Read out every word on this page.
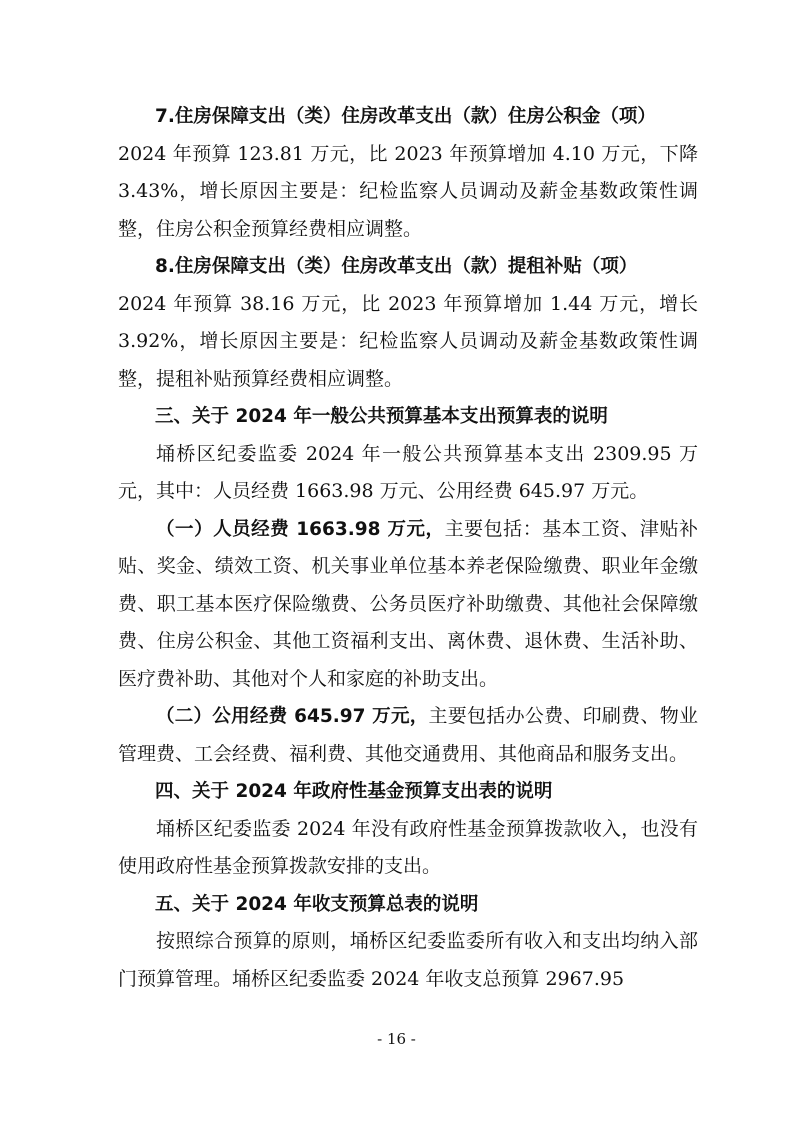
7.住房保障支出（类）住房改革支出（款）住房公积金（项）

2024 年预算 123.81 万元，比 2023 年预算增加 4.10 万元，下降 3.43%，增长原因主要是：纪检监察人员调动及薪金基数政策性调整，住房公积金预算经费相应调整。

8.住房保障支出（类）住房改革支出（款）提租补贴（项）

2024 年预算 38.16 万元，比 2023 年预算增加 1.44 万元，增长 3.92%，增长原因主要是：纪检监察人员调动及薪金基数政策性调整，提租补贴预算经费相应调整。

三、关于 2024 年一般公共预算基本支出预算表的说明

埇桥区纪委监委 2024 年一般公共预算基本支出 2309.95 万元，其中：人员经费 1663.98 万元、公用经费 645.97 万元。

（一）人员经费 1663.98 万元，主要包括：基本工资、津贴补贴、奖金、绩效工资、机关事业单位基本养老保险缴费、职业年金缴费、职工基本医疗保险缴费、公务员医疗补助缴费、其他社会保障缴费、住房公积金、其他工资福利支出、离休费、退休费、生活补助、医疗费补助、其他对个人和家庭的补助支出。

（二）公用经费 645.97 万元，主要包括办公费、印刷费、物业管理费、工会经费、福利费、其他交通费用、其他商品和服务支出。

四、关于 2024 年政府性基金预算支出表的说明

埇桥区纪委监委 2024 年没有政府性基金预算拨款收入，也没有使用政府性基金预算拨款安排的支出。

五、关于 2024 年收支预算总表的说明

按照综合预算的原则，埇桥区纪委监委所有收入和支出均纳入部门预算管理。埇桥区纪委监委 2024 年收支总预算 2967.95

- 16 -
